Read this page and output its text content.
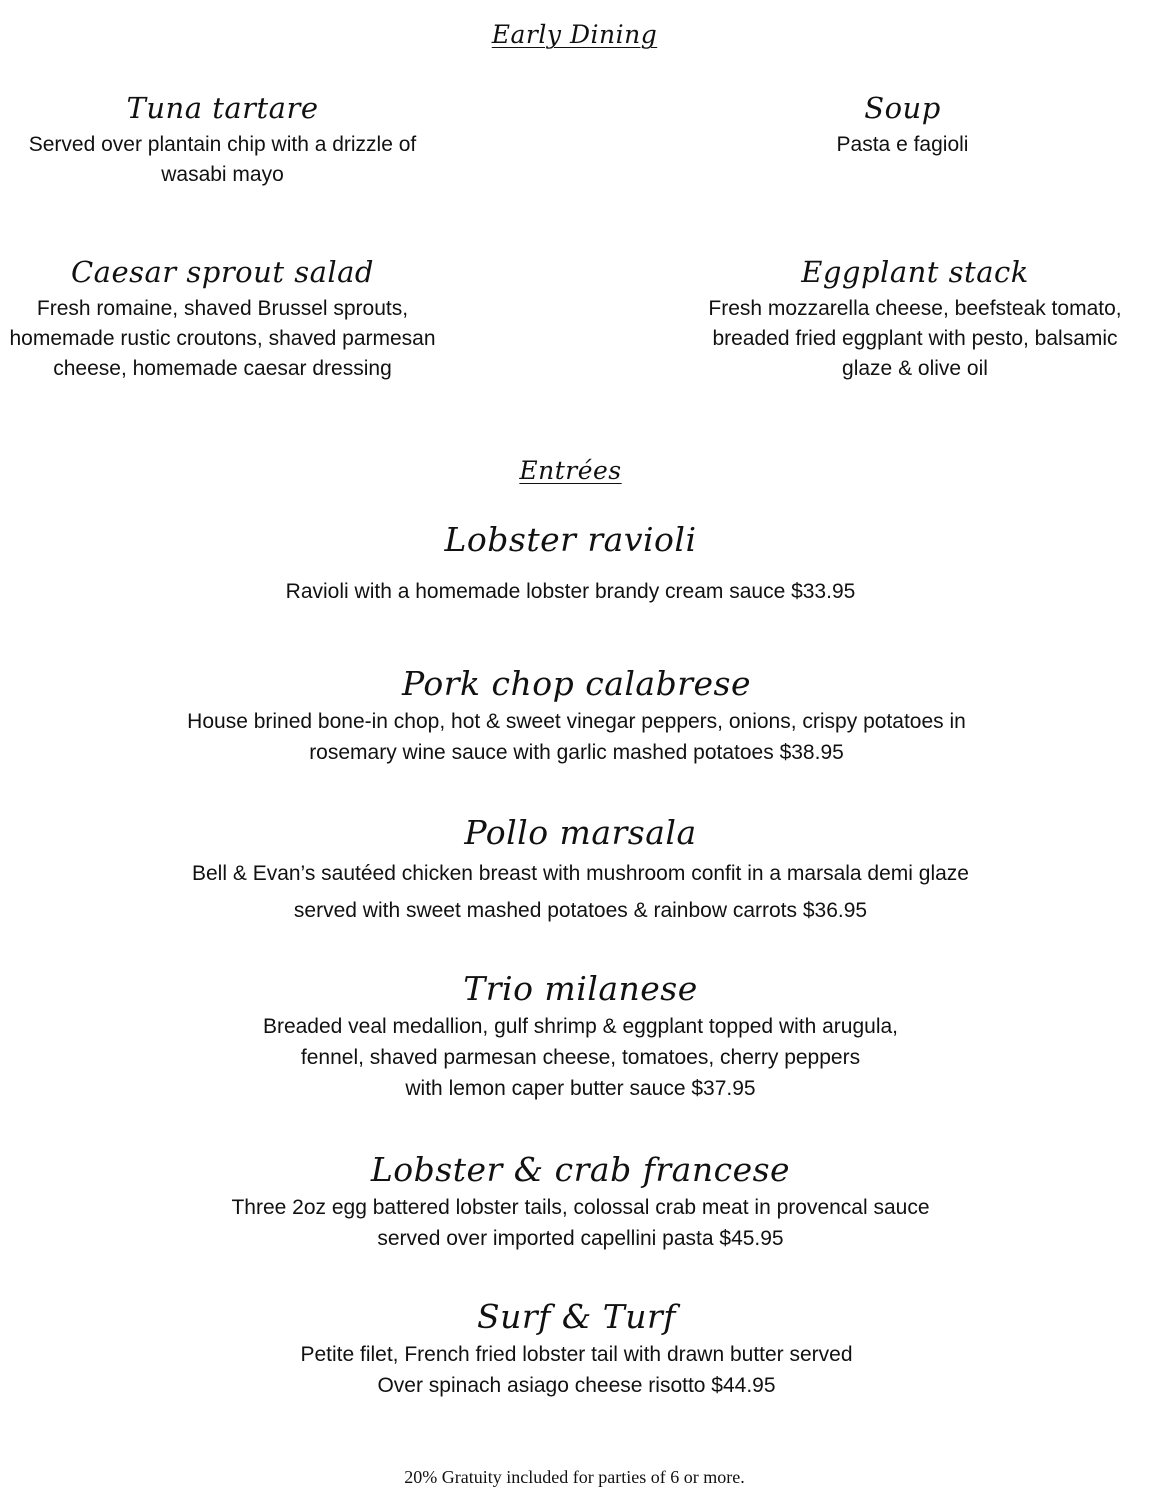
Early Dining
Tuna tartare
Served over plantain chip with a drizzle of wasabi mayo
Soup
Pasta e fagioli
Caesar sprout salad
Fresh romaine, shaved Brussel sprouts, homemade rustic croutons, shaved parmesan cheese, homemade caesar dressing
Eggplant stack
Fresh mozzarella cheese, beefsteak tomato, breaded fried eggplant with pesto, balsamic glaze & olive oil
Entrées
Lobster ravioli
Ravioli with a homemade lobster brandy cream sauce $33.95
Pork chop calabrese
House brined bone-in chop, hot & sweet vinegar peppers, onions, crispy potatoes in
rosemary wine sauce with garlic mashed potatoes $38.95
Pollo marsala
Bell & Evan’s sautéed chicken breast with mushroom confit in a marsala demi glaze
served with sweet mashed potatoes & rainbow carrots $36.95
Trio milanese
Breaded veal medallion, gulf shrimp & eggplant topped with arugula,
fennel, shaved parmesan cheese, tomatoes, cherry peppers
with lemon caper butter sauce $37.95
Lobster & crab francese
Three 2oz egg battered lobster tails, colossal crab meat in provencal sauce
served over imported capellini pasta $45.95
Surf & Turf
Petite filet, French fried lobster tail with drawn butter served
Over spinach asiago cheese risotto $44.95
20% Gratuity included for parties of 6 or more.
